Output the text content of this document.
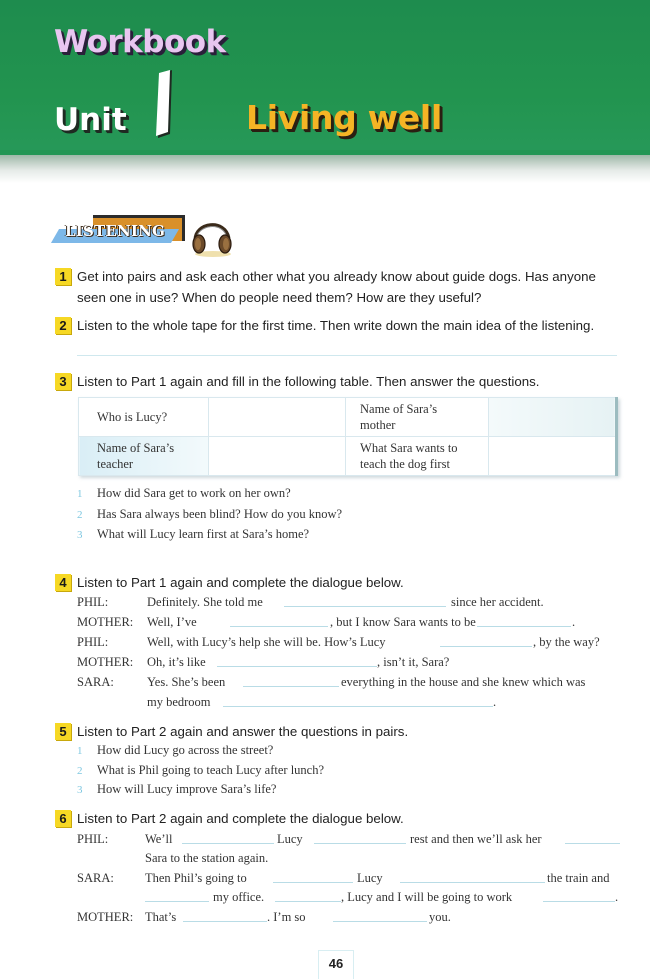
Workbook
Unit	Living well
LISTENING
1 Get into pairs and ask each other what you already know about guide dogs. Has anyone
seen one in use? When do people need them? How are they useful?
2 Listen to the whole tape for the first time. Then write down the main idea of the listening.
3 Listen to Part 1 again and fill in the following table. Then answer the questions.
Who is Lucy?		Name of Sara’s mother	
Name of Sara’s teacher		What Sara wants to teach the dog first	
1 How did Sara get to work on her own?
2 Has Sara always been blind? How do you know?
3 What will Lucy learn first at Sara’s home?
4 Listen to Part 1 again and complete the dialogue below.
PHIL:	Definitely. She told me	since her accident.
MOTHER: Well, I’ve	, but I know Sara wants to be	.
PHIL:	Well, with Lucy’s help she will be. How’s Lucy	, by the way?
MOTHER: Oh, it’s like	, isn’t it, Sara?
SARA:	Yes. She’s been	everything in the house and she knew which was
my bedroom	.
5 Listen to Part 2 again and answer the questions in pairs.
1 How did Lucy go across the street?
2 What is Phil going to teach Lucy after lunch?
3 How will Lucy improve Sara’s life?
6 Listen to Part 2 again and complete the dialogue below.
PHIL:	We’ll	Lucy	rest and then we’ll ask her
Sara to the station again.
SARA: Then Phil’s going to	Lucy	the train and
my office.	, Lucy and I will be going to work	.
MOTHER: That’s	. I’m so	you.
46
